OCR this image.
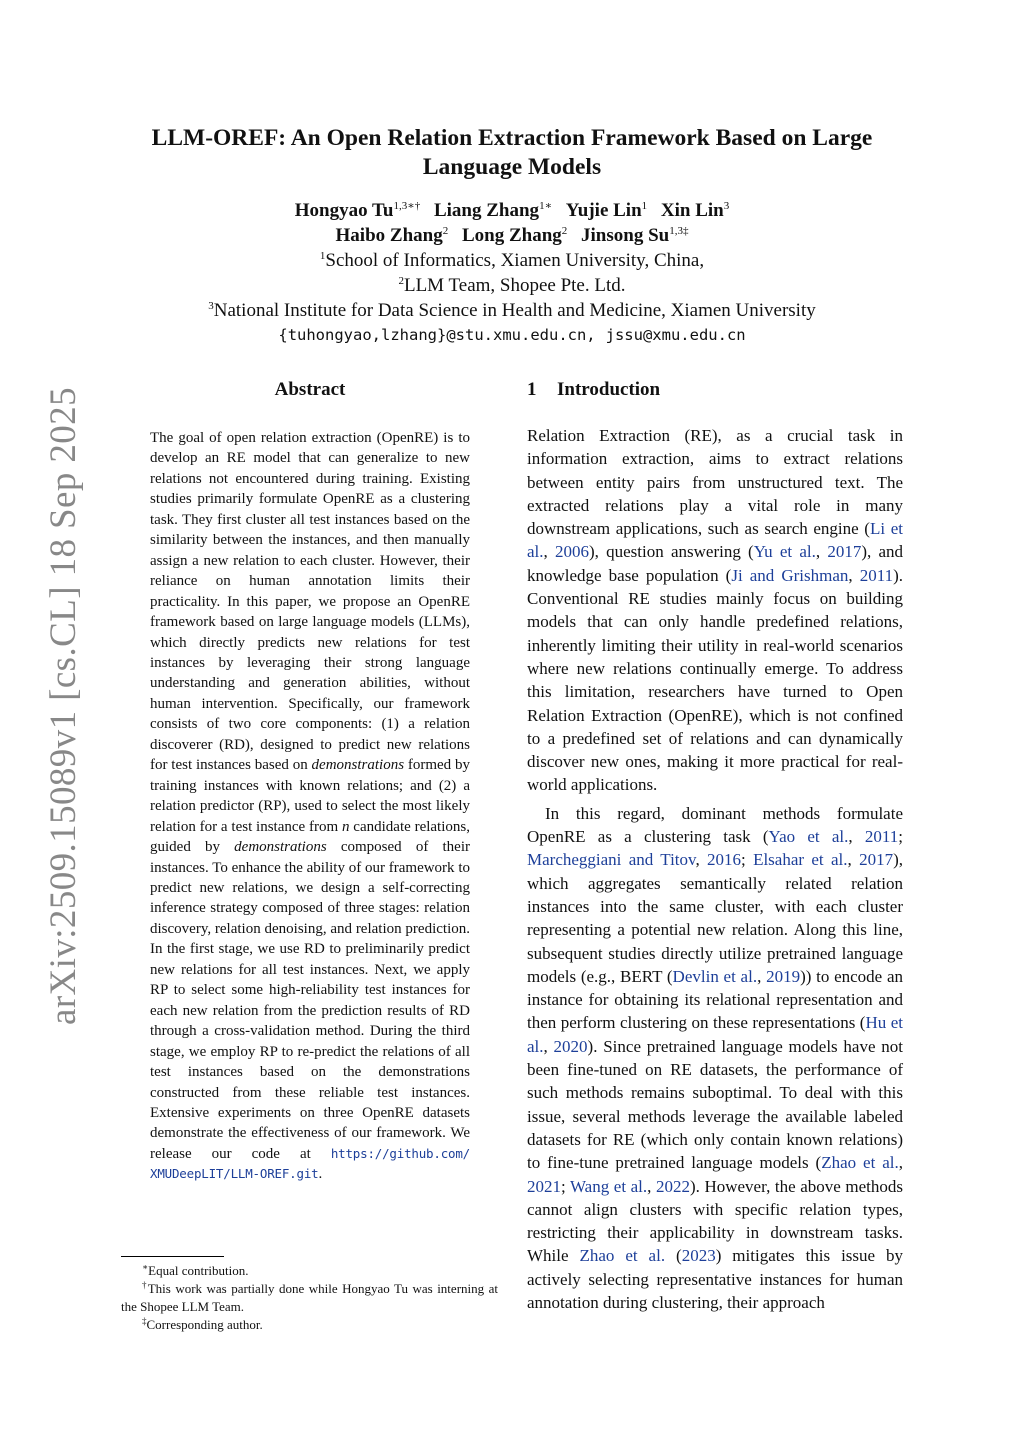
LLM-OREF: An Open Relation Extraction Framework Based on Large
Language Models
Hongyao $Tu^{1,3∗\dagger}$ Liang Zhang$^{1∗}$ Yujie Lin$^1$ Xin Lin$^3$
Haibo Zhang$^2$ Long Zhang$^2$ Jinsong $Su^{1,3\ddagger}$
$^1$School of Informatics, Xiamen University, China,
$^2$LLM Team, Shopee Pte. Ltd.
$^3$National Institute for Data Science in Health and Medicine, Xiamen University
{tuhongyao,lzhang}@stu.xmu.edu.cn, jssu@xmu.edu.cn
arXiv:2509.15089v1 [cs.CL] 18 Sep 2025	Abstract

The goal of open relation extraction (OpenRE) is to develop an RE model that can generalize to new relations not encountered during training. Existing studies primarily formulate OpenRE as a clustering task. They first cluster all test instances based on the similarity between the instances, and then manually assign a new relation to each cluster. However, their reliance on human annotation limits their practicality. In this paper, we propose an OpenRE framework based on large language models (LLMs), which directly predicts new relations for test instances by leveraging their strong language understanding and generation abilities, without human intervention. Specifically, our framework consists of two core components: (1) a relation discoverer (RD), designed to predict new relations for test instances based on demonstrations formed by training instances with known relations; and (2) a relation predictor (RP), used to select the most likely relation for a test instance from n candidate relations, guided by demonstrations composed of their instances. To enhance the ability of our framework to predict new relations, we design a self-correcting inference strategy composed of three stages: relation discovery, relation denoising, and relation prediction. In the first stage, we use RD to preliminarily predict new relations for all test instances. Next, we apply RP to select some high-reliability test instances for each new relation from the prediction results of RD through a cross-validation method. During the third stage, we employ RP to re-predict the relations of all test instances based on the demonstrations constructed from these reliable test instances. Extensive experiments on three OpenRE datasets demonstrate the effectiveness of our framework. We release our code at https://github.com/ XMUDeepLIT/LLM-OREF.git.

∗Equal contribution.

†This work was partially done while Hongyao Tu was interning at the Shopee LLM Team.

‡Corresponding author.

1 Introduction

Relation Extraction (RE), as a crucial task in information extraction, aims to extract relations between entity pairs from unstructured text. The extracted relations play a vital role in many downstream applications, such as search engine (Li et al., 2006), question answering (Yu et al., 2017), and knowledge base population (Ji and Grishman, 2011). Conventional RE studies mainly focus on building models that can only handle predefined relations, inherently limiting their utility in real-world scenarios where new relations continually emerge. To address this limitation, researchers have turned to Open Relation Extraction (OpenRE), which is not confined to a predefined set of relations and can dynamically discover new ones, making it more practical for real-world applications.

In this regard, dominant methods formulate OpenRE as a clustering task (Yao et al., 2011; Marcheggiani and Titov, 2016; Elsahar et al., 2017), which aggregates semantically related relation instances into the same cluster, with each cluster representing a potential new relation. Along this line, subsequent studies directly utilize pretrained language models (e.g., BERT (Devlin et al., 2019)) to encode an instance for obtaining its relational representation and then perform clustering on these representations (Hu et al., 2020). Since pretrained language models have not been fine-tuned on RE datasets, the performance of such methods remains suboptimal. To deal with this issue, several methods leverage the available labeled datasets for RE (which only contain known relations) to fine-tune pretrained language models (Zhao et al., 2021; Wang et al., 2022). However, the above methods cannot align clusters with specific relation types, restricting their applicability in downstream tasks. While Zhao et al. (2023) mitigates this issue by actively selecting representative instances for human annotation during clustering, their approach
